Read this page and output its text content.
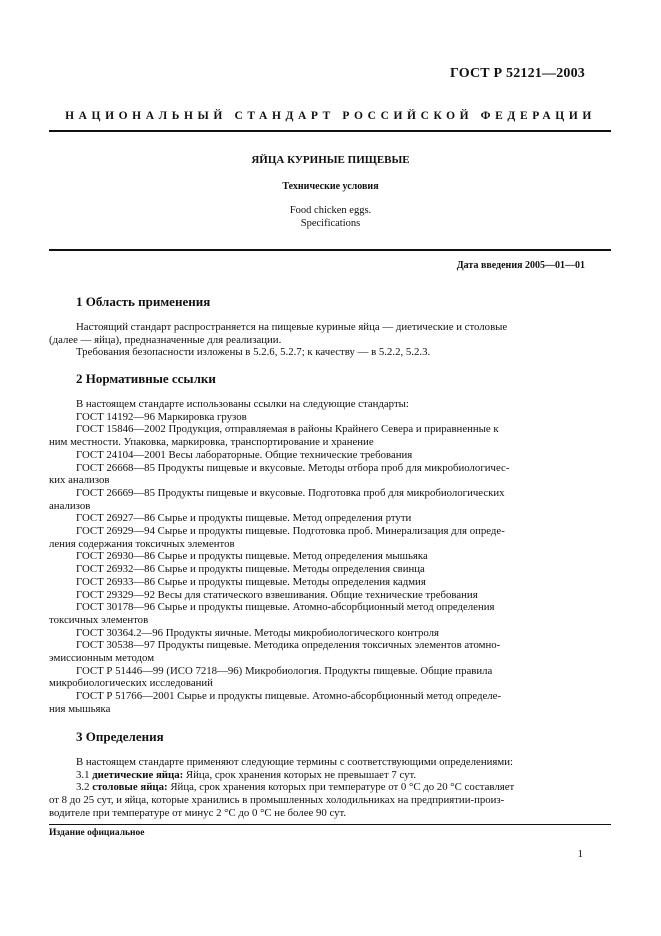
ГОСТ Р 52121—2003
НАЦИОНАЛЬНЫЙ СТАНДАРТ РОССИЙСКОЙ ФЕДЕРАЦИИ
ЯЙЦА КУРИНЫЕ ПИЩЕВЫЕ
Технические условия
Food chicken eggs.
Specifications
Дата введения 2005—01—01
1 Область применения
Настоящий стандарт распространяется на пищевые куриные яйца — диетические и столовые
(далее — яйца), предназначенные для реализации.
Требования безопасности изложены в 5.2.6, 5.2.7; к качеству — в 5.2.2, 5.2.3.
2 Нормативные ссылки
В настоящем стандарте использованы ссылки на следующие стандарты:
ГОСТ 14192—96 Маркировка грузов
ГОСТ 15846—2002 Продукция, отправляемая в районы Крайнего Севера и приравненные к
ним местности. Упаковка, маркировка, транспортирование и хранение
ГОСТ 24104—2001 Весы лабораторные. Общие технические требования
ГОСТ 26668—85 Продукты пищевые и вкусовые. Методы отбора проб для микробиологичес-
ких анализов
ГОСТ 26669—85 Продукты пищевые и вкусовые. Подготовка проб для микробиологических
анализов
ГОСТ 26927—86 Сырье и продукты пищевые. Метод определения ртути
ГОСТ 26929—94 Сырье и продукты пищевые. Подготовка проб. Минерализация для опреде-
ления содержания токсичных элементов
ГОСТ 26930—86 Сырье и продукты пищевые. Метод определения мышьяка
ГОСТ 26932—86 Сырье и продукты пищевые. Методы определения свинца
ГОСТ 26933—86 Сырье и продукты пищевые. Методы определения кадмия
ГОСТ 29329—92 Весы для статического взвешивания. Общие технические требования
ГОСТ 30178—96 Сырье и продукты пищевые. Атомно-абсорбционный метод определения
токсичных элементов
ГОСТ 30364.2—96 Продукты яичные. Методы микробиологического контроля
ГОСТ 30538—97 Продукты пищевые. Методика определения токсичных элементов атомно-
эмиссионным методом
ГОСТ Р 51446—99 (ИСО 7218—96) Микробиология. Продукты пищевые. Общие правила
микробиологических исследований
ГОСТ Р 51766—2001 Сырье и продукты пищевые. Атомно-абсорбционный метод определе-
ния мышьяка
3 Определения
В настоящем стандарте применяют следующие термины с соответствующими определениями:
3.1 диетические яйца: Яйца, срок хранения которых не превышает 7 сут.
3.2 столовые яйца: Яйца, срок хранения которых при температуре от 0 °С до 20 °С составляет
от 8 до 25 сут, и яйца, которые хранились в промышленных холодильниках на предприятии-произ-
водителе при температуре от минус 2 °С до 0 °С не более 90 сут.
Издание официальное
1
